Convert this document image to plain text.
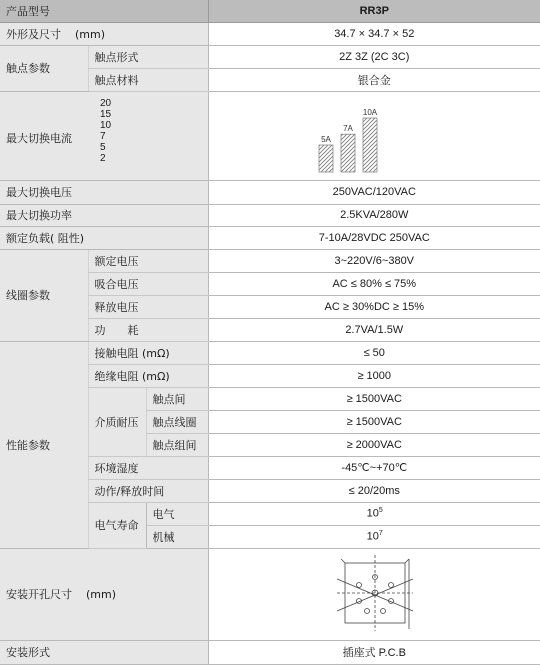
产品型号	RR3P
外形及尺寸 (mm)	34.7 × 34.7 × 52
触点参数	触点形式	2Z 3Z (2C 3C)
触点材料	银合金

最大切换电流
20
15
10
7
5
2

5A
7A
10A

最大切换电压	250VAC/120VAC
最大切换功率	2.5KVA/280W
额定负载( 阻性)	7-10A/28VDC 250VAC
线圈参数	额定电压	3~220V/6~380V
吸合电压	AC ≤ 80% ≤ 75%
释放电压	AC ≥ 30%DC ≥ 15%
功　　耗	2.7VA/1.5W
性能参数	接触电阻 (mΩ)	≤ 50
绝缘电阻 (mΩ)	≥ 1000
介质耐压	触点间	≥ 1500VAC
触点线圈	≥ 1500VAC
触点组间	≥ 2000VAC
环境湿度	-45℃~+70℃
动作/释放时间	≤ 20/20ms
电气寿命	
电气	$10^5$
机械	$10^7$

安装开孔尺寸 (mm)	

安装形式	插座式 P.C.B
